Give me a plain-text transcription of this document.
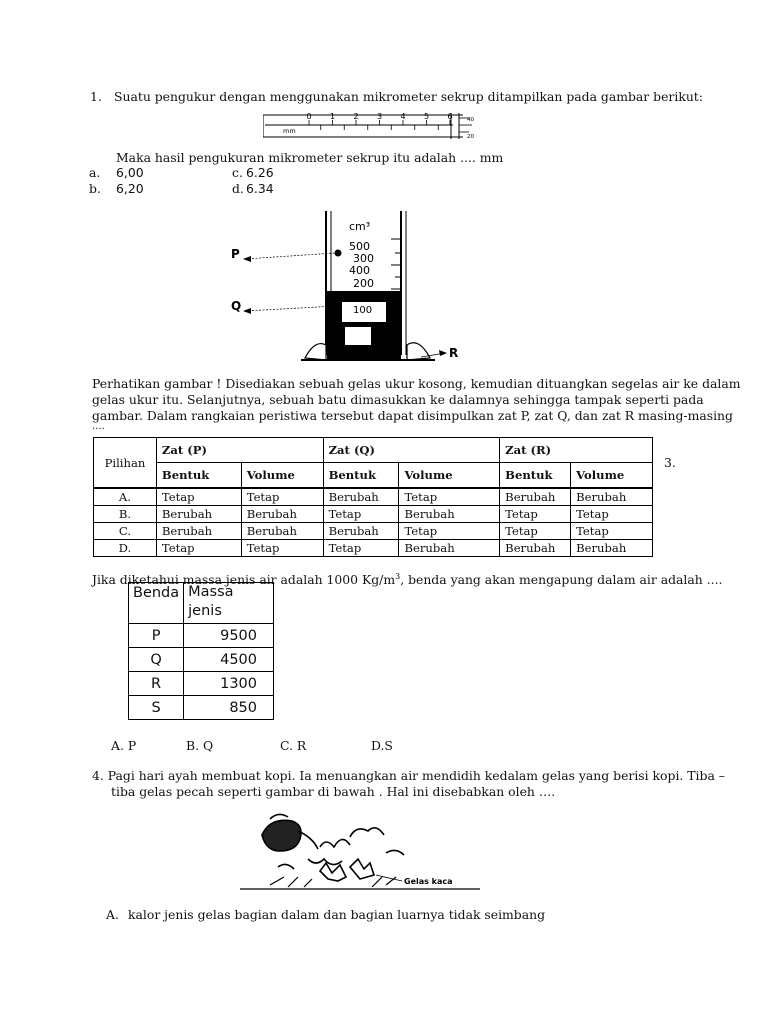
1. Suatu pengukur dengan menggunakan mikrometer sekrup ditampilkan pada gambar berikut:
0 1 2 3 4 5 6
mm
40
20
Maka hasil pengukuran mikrometer sekrup itu adalah .... mm
a. 6,00	c. 6.26
b. 6,20	d. 6.34
cm³
500
300
400
200
100
P
Q
R
Perhatikan gambar ! Disediakan sebuah gelas ukur kosong, kemudian dituangkan segelas air ke dalam
gelas ukur itu. Selanjutnya, sebuah batu dimasukkan ke dalamnya sehingga tampak seperti pada
gambar. Dalam rangkaian peristiwa tersebut dapat disimpulkan zat P, zat Q, dan zat R masing-masing
....
Pilihan	Zat (P)		Zat (Q)		Zat (R)	
	Bentuk	Volume	Bentuk	Volume	Bentuk	Volume
A.	Tetap	Tetap	Berubah	Tetap	Berubah	Berubah
B.	Berubah	Berubah	Tetap	Berubah	Tetap	Tetap
C.	Berubah	Berubah	Berubah	Tetap	Tetap	Tetap
D.	Tetap	Tetap	Tetap	Berubah	Berubah	Berubah
3.
Jika diketahui massa jenis air adalah 1000 $Kg/m^3$, benda yang akan mengapung dalam air adalah ....
Benda	Massa
jenis

P	9500
Q	4500
R	1300
S	850
A. P	B. Q	C. R	D.S
4. Pagi hari ayah membuat kopi. Ia menuangkan air mendidih kedalam gelas yang berisi kopi. Tiba –
tiba gelas pecah seperti gambar di bawah . Hal ini disebabkan oleh ….
Gelas kaca
A. kalor jenis gelas bagian dalam dan bagian luarnya tidak seimbang
